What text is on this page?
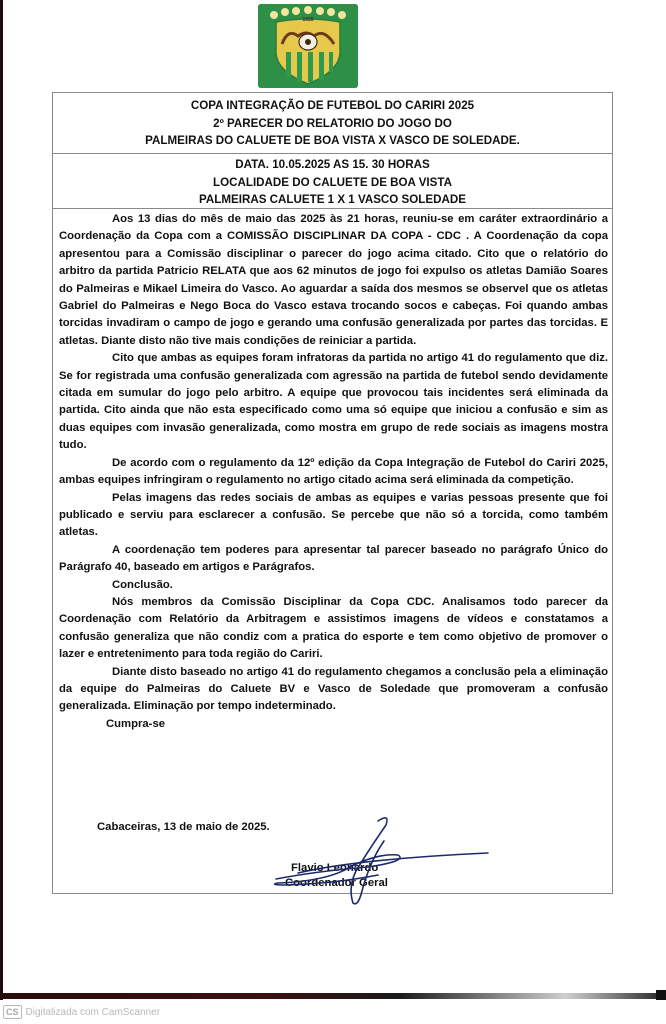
1935
COPA INTEGRAÇÃO DE FUTEBOL DO CARIRI 2025
2º PARECER DO RELATORIO DO JOGO DO
PALMEIRAS DO CALUETE DE BOA VISTA X VASCO DE SOLEDADE.
DATA. 10.05.2025 AS 15. 30 HORAS
LOCALIDADE DO CALUETE DE BOA VISTA
PALMEIRAS CALUETE 1 X 1 VASCO SOLEDADE

Aos 13 dias do mês de maio das 2025 às 21 horas, reuniu-se em caráter extraordinário a Coordenação da Copa com a COMISSÃO DISCIPLINAR DA COPA - CDC . A Coordenação da copa apresentou para a Comissão disciplinar o parecer do jogo acima citado. Cito que o relatório do arbitro da partida Patricio RELATA que aos 62 minutos de jogo foi expulso os atletas Damião Soares do Palmeiras e Mikael Limeira do Vasco. Ao aguardar a saída dos mesmos se observel que os atletas Gabriel do Palmeiras e Nego Boca do Vasco estava trocando socos e cabeças. Foi quando ambas torcidas invadiram o campo de jogo e gerando uma confusão generalizada por partes das torcidas. E atletas. Diante disto não tive mais condições de reiniciar a partida.

Cito que ambas as equipes foram infratoras da partida no artigo 41 do regulamento que diz. Se for registrada uma confusão generalizada com agressão na partida de futebol sendo devidamente citada em sumular do jogo pelo arbitro. A equipe que provocou tais incidentes será eliminada da partida. Cito ainda que não esta especificado como uma só equipe que iniciou a confusão e sim as duas equipes com invasão generalizada, como mostra em grupo de rede sociais as imagens mostra tudo.

De acordo com o regulamento da 12º edição da Copa Integração de Futebol do Cariri 2025, ambas equipes infringiram o regulamento no artigo citado acima será eliminada da competição.

Pelas imagens das redes sociais de ambas as equipes e varias pessoas presente que foi publicado e serviu para esclarecer a confusão. Se percebe que não só a torcida, como também atletas.

A coordenação tem poderes para apresentar tal parecer baseado no parágrafo Único do Parágrafo 40, baseado em artigos e Parágrafos.

Conclusão.

Nós membros da Comissão Disciplinar da Copa CDC. Analisamos todo parecer da Coordenação com Relatório da Arbitragem e assistimos imagens de vídeos e constatamos a confusão generaliza que não condiz com a pratica do esporte e tem como objetivo de promover o lazer e entretenimento para toda região do Cariri.

Diante disto baseado no artigo 41 do regulamento chegamos a conclusão pela a eliminação da equipe do Palmeiras do Caluete BV e Vasco de Soledade que promoveram a confusão generalizada. Eliminação por tempo indeterminado.

Cumpra-se

Cabaceiras, 13 de maio de 2025.
Flavio Leonardo
Coordenador Geral
CS Digitalizada com CamScanner
